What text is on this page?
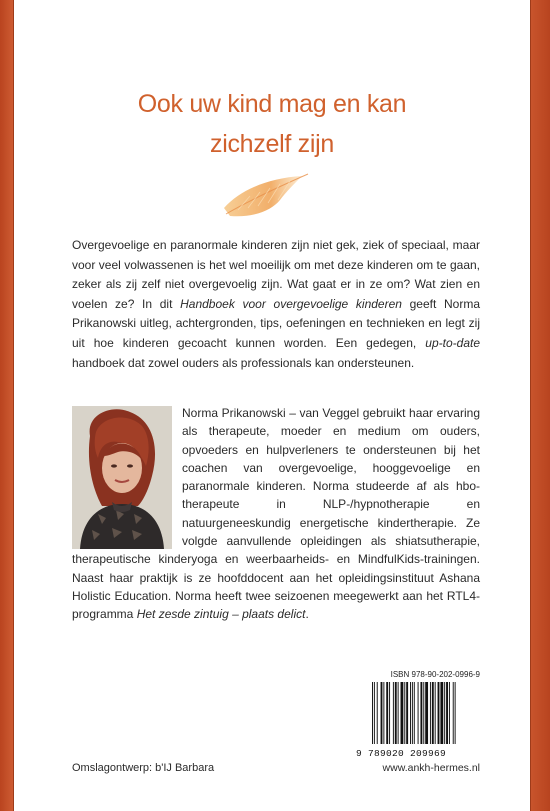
Ook uw kind mag en kan
zichzelf zijn
Overgevoelige en paranormale kinderen zijn niet gek, ziek of speciaal, maar voor veel volwassenen is het wel moeilijk om met deze kinderen om te gaan, zeker als zij zelf niet overgevoelig zijn. Wat gaat er in ze om? Wat zien en voelen ze? In dit Handboek voor overgevoelige kinderen geeft Norma Prikanowski uitleg, achtergronden, tips, oefeningen en technieken en legt zij uit hoe kinderen gecoacht kunnen worden. Een gedegen, up-to-date handboek dat zowel ouders als professionals kan ondersteunen.
Norma Prikanowski – van Veggel gebruikt haar ervaring als therapeute, moeder en medium om ouders, opvoeders en hulpverleners te ondersteunen bij het coachen van overgevoelige, hooggevoelige en paranormale kinderen. Norma studeerde af als hbo-therapeute in NLP-/hypnotherapie en natuurgeneeskundig energetische kindertherapie. Ze volgde aanvullende opleidingen als shiatsutherapie, therapeutische kinderyoga en weerbaarheids- en MindfulKids-trainingen. Naast haar praktijk is ze hoofddocent aan het opleidingsinstituut Ashana Holistic Education. Norma heeft twee seizoenen meegewerkt aan het RTL4-programma Het zesde zintuig – plaats delict.
ISBN 978-90-202-0996-9
9 789020 209969
Omslagontwerp: b'IJ Barbara	www.ankh-hermes.nl
